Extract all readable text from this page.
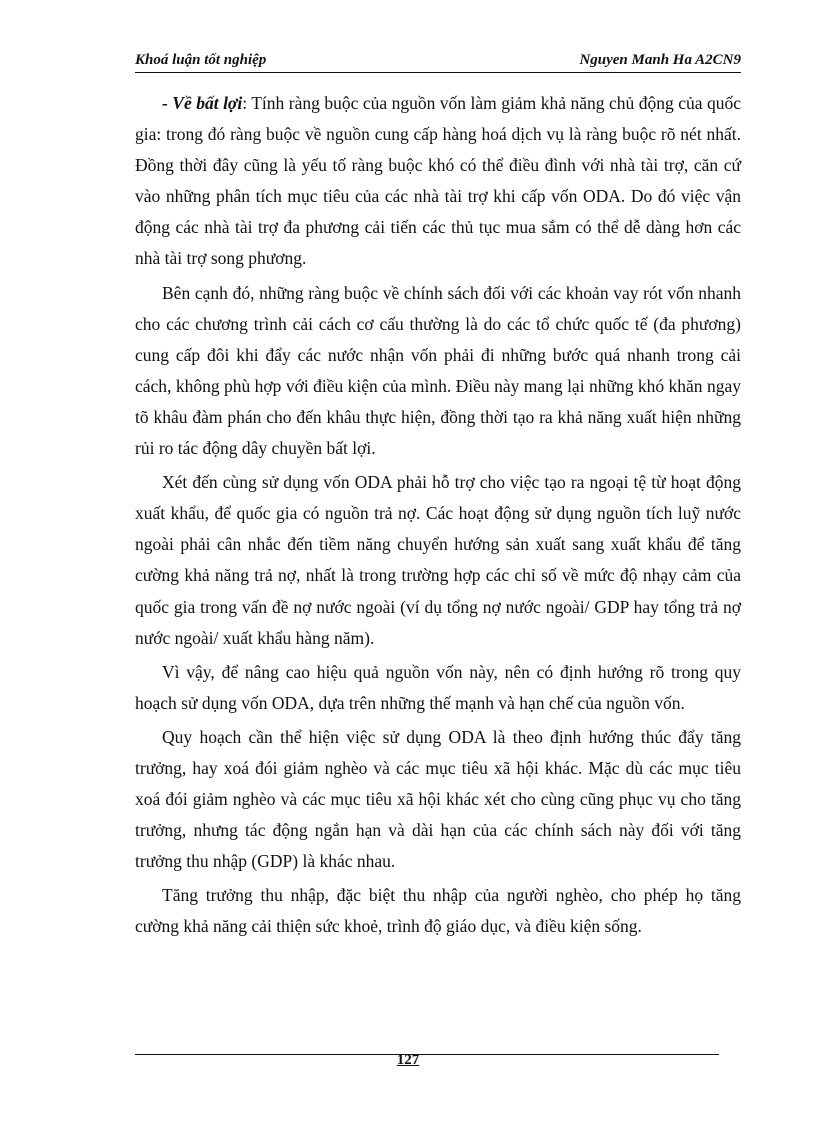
Khoá luận tốt nghiệp	Nguyen Manh Ha A2CN9

- Về bất lợi: Tính ràng buộc của nguồn vốn làm giảm khả năng chủ động của quốc gia: trong đó ràng buộc về nguồn cung cấp hàng hoá dịch vụ là ràng buộc rõ nét nhất. Đồng thời đây cũng là yếu tố ràng buộc khó có thể điều đình với nhà tài trợ, căn cứ vào những phân tích mục tiêu của các nhà tài trợ khi cấp vốn ODA. Do đó việc vận động các nhà tài trợ đa phương cải tiến các thủ tục mua sắm có thể dễ dàng hơn các nhà tài trợ song phương.

Bên cạnh đó, những ràng buộc về chính sách đối với các khoản vay rót vốn nhanh cho các chương trình cải cách cơ cấu thường là do các tổ chức quốc tế (đa phương) cung cấp đôi khi đẩy các nước nhận vốn phải đi những bước quá nhanh trong cải cách, không phù hợp với điều kiện của mình. Điều này mang lại những khó khăn ngay tõ khâu đàm phán cho đến khâu thực hiện, đồng thời tạo ra khả năng xuất hiện những rủi ro tác động dây chuyền bất lợi.

Xét đến cùng sử dụng vốn ODA phải hỗ trợ cho việc tạo ra ngoại tệ từ hoạt động xuất khẩu, để quốc gia có nguồn trả nợ. Các hoạt động sử dụng nguồn tích luỹ nước ngoài phải cân nhắc đến tiềm năng chuyển hướng sản xuất sang xuất khẩu để tăng cường khả năng trả nợ, nhất là trong trường hợp các chỉ số về mức độ nhạy cảm của quốc gia trong vấn đề nợ nước ngoài (ví dụ tổng nợ nước ngoài/ GDP hay tổng trả nợ nước ngoài/ xuất khẩu hàng năm).

Vì vậy, để nâng cao hiệu quả nguồn vốn này, nên có định hướng rõ trong quy hoạch sử dụng vốn ODA, dựa trên những thế mạnh và hạn chế của nguồn vốn.

Quy hoạch cần thể hiện việc sử dụng ODA là theo định hướng thúc đẩy tăng trưởng, hay xoá đói giảm nghèo và các mục tiêu xã hội khác. Mặc dù các mục tiêu xoá đói giảm nghèo và các mục tiêu xã hội khác xét cho cùng cũng phục vụ cho tăng trưởng, nhưng tác động ngắn hạn và dài hạn của các chính sách này đối với tăng trưởng thu nhập (GDP) là khác nhau.

Tăng trưởng thu nhập, đặc biệt thu nhập của người nghèo, cho phép họ tăng cường khả năng cải thiện sức khoẻ, trình độ giáo dục, và điều kiện sống.

127
